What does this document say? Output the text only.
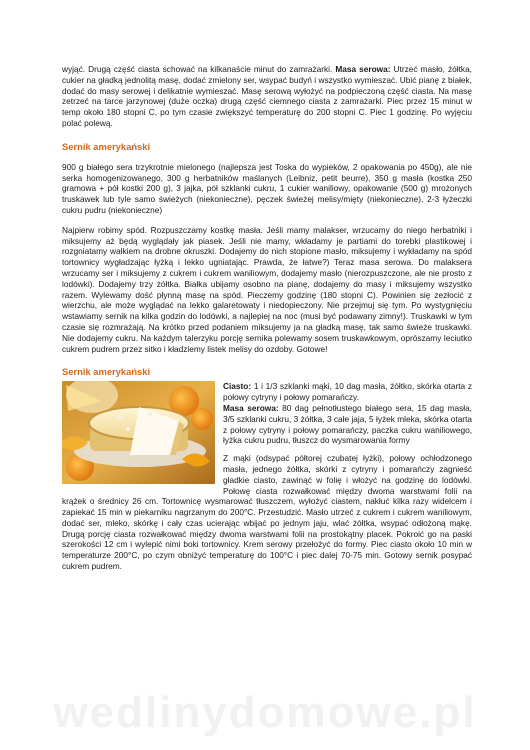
wyjąć. Drugą część ciasta schować na kilkanaście minut do zamrażarki. Masa serowa: Utrzeć masło, żółtka, cukier na gładką jednolitą masę, dodać zmielony ser, wsypać budyń i wszystko wymieszać. Ubić pianę z białek, dodać do masy serowej i delikatnie wymieszać. Masę serową wyłożyć na podpieczoną część ciasta. Na masę zetrzeć na tarce jarzynowej (duże oczka) drugą część ciemnego ciasta z zamrażarki. Piec przez 15 minut w temp około 180 stopni C, po tym czasie zwiększyć temperaturę do 200 stopni C. Piec 1 godzinę. Po wyjęciu polać polewą.

Sernik amerykański

900 g białego sera trzykrotnie mielonego (najlepsza jest Toska do wypieków, 2 opakowania po 450g), ale nie serka homogenizowanego, 300 g herbatników maślanych (Leibniz, petit beurre), 350 g masła (kostka 250 gramowa + pół kostki 200 g), 3 jajka, pół szklanki cukru, 1 cukier waniliowy, opakowanie (500 g) mrożonych truskawek lub tyle samo świeżych (niekonieczne), pęczek świeżej melisy/mięty (niekonieczne), 2-3 łyżeczki cukru pudru (niekonieczne)

Najpierw robimy spód. Rozpuszczamy kostkę masła. Jeśli mamy malakser, wrzucamy do niego herbatniki i miksujemy aż będą wyglądały jak piasek. Jeśli nie mamy, wkładamy je partiami do torebki plastikowej i rozgniatamy wałkiem na drobne okruszki. Dodajemy do nich stopione masło, miksujemy i wykładamy na spód tortownicy wygładzając łyżką i lekko ugniatając. Prawda, że łatwe?) Teraz masa serowa. Do malaksera wrzucamy ser i miksujemy z cukrem i cukrem waniliowym, dodajemy masło (nierozpuszczone, ale nie prosto z lodówki). Dodajemy trzy żółtka. Białka ubijamy osobno na pianę, dodajemy do masy i miksujemy wszystko razem. Wylewamy dość płynną masę na spód. Pieczemy godzinę (180 stopni C). Powinien się zezłocić z wierzchu, ale może wyglądać na lekko galaretowaty i niedopieczony. Nie przejmuj się tym. Po wystygnięciu wstawiamy sernik na kilka godzin do lodówki, a najlepiej na noc (musi być podawany zimny!). Truskawki w tym czasie się rozmrażają. Na krótko przed podaniem miksujemy ja na gładką masę, tak samo świeże truskawki. Nie dodajemy cukru. Na każdym talerzyku porcję sernika polewamy sosem truskawkowym, oprószamy leciutko cukrem pudrem przez sitko i kładziemy listek melisy do ozdoby. Gotowe!

Sernik amerykański

Ciasto: 1 i 1/3 szklanki mąki, 10 dag masła, żółtko, skórka otarta z połowy cytryny i połowy pomarańczy.

Masa serowa: 80 dag pełnotłustego białego sera, 15 dag masła, 3/5 szklanki cukru, 3 żółtka, 3 całe jaja, 5 łyżek mleka, skórka otarta z połowy cytryny i połowy pomarańczy, paczka cukru waniliowego, łyżka cukru pudru, tłuszcz do wysmarowania formy

Z mąki (odsypać półtorej czubatej łyżki), połowy ochłodzonego masła, jednego żółtka, skórki z cytryny i pomarańczy zagnieść gładkie ciasto, zawinąć w folię i włożyć na godzinę do lodówki. Połowę ciasta rozwałkować między dwoma warstwami folii na krążek o średnicy 26 cm. Tortownicę wysmarować tłuszczem, wyłożyć ciastem, nakłuć kilka razy widelcem i zapiekać 15 min w piekarniku nagrzanym do 200°C. Przestudzić. Masło utrzeć z cukrem i cukrem waniliowym, dodać ser, mleko, skórkę i cały czas ucierając wbijać po jednym jaju, wlać żółtka, wsypać odłożoną mąkę. Drugą porcję ciasta rozwałkować między dwoma warstwami folii na prostokątny placek. Pokroić go na paski szerokości 12 cm i wylepić nimi boki tortownicy. Krem serowy przełożyć do formy. Piec ciasto około 10 min w temperaturze 200°C, po czym obniżyć temperaturę do 100°C i piec dalej 70-75 min. Gotowy sernik posypać cukrem pudrem.

wedlinydomowe.pl
